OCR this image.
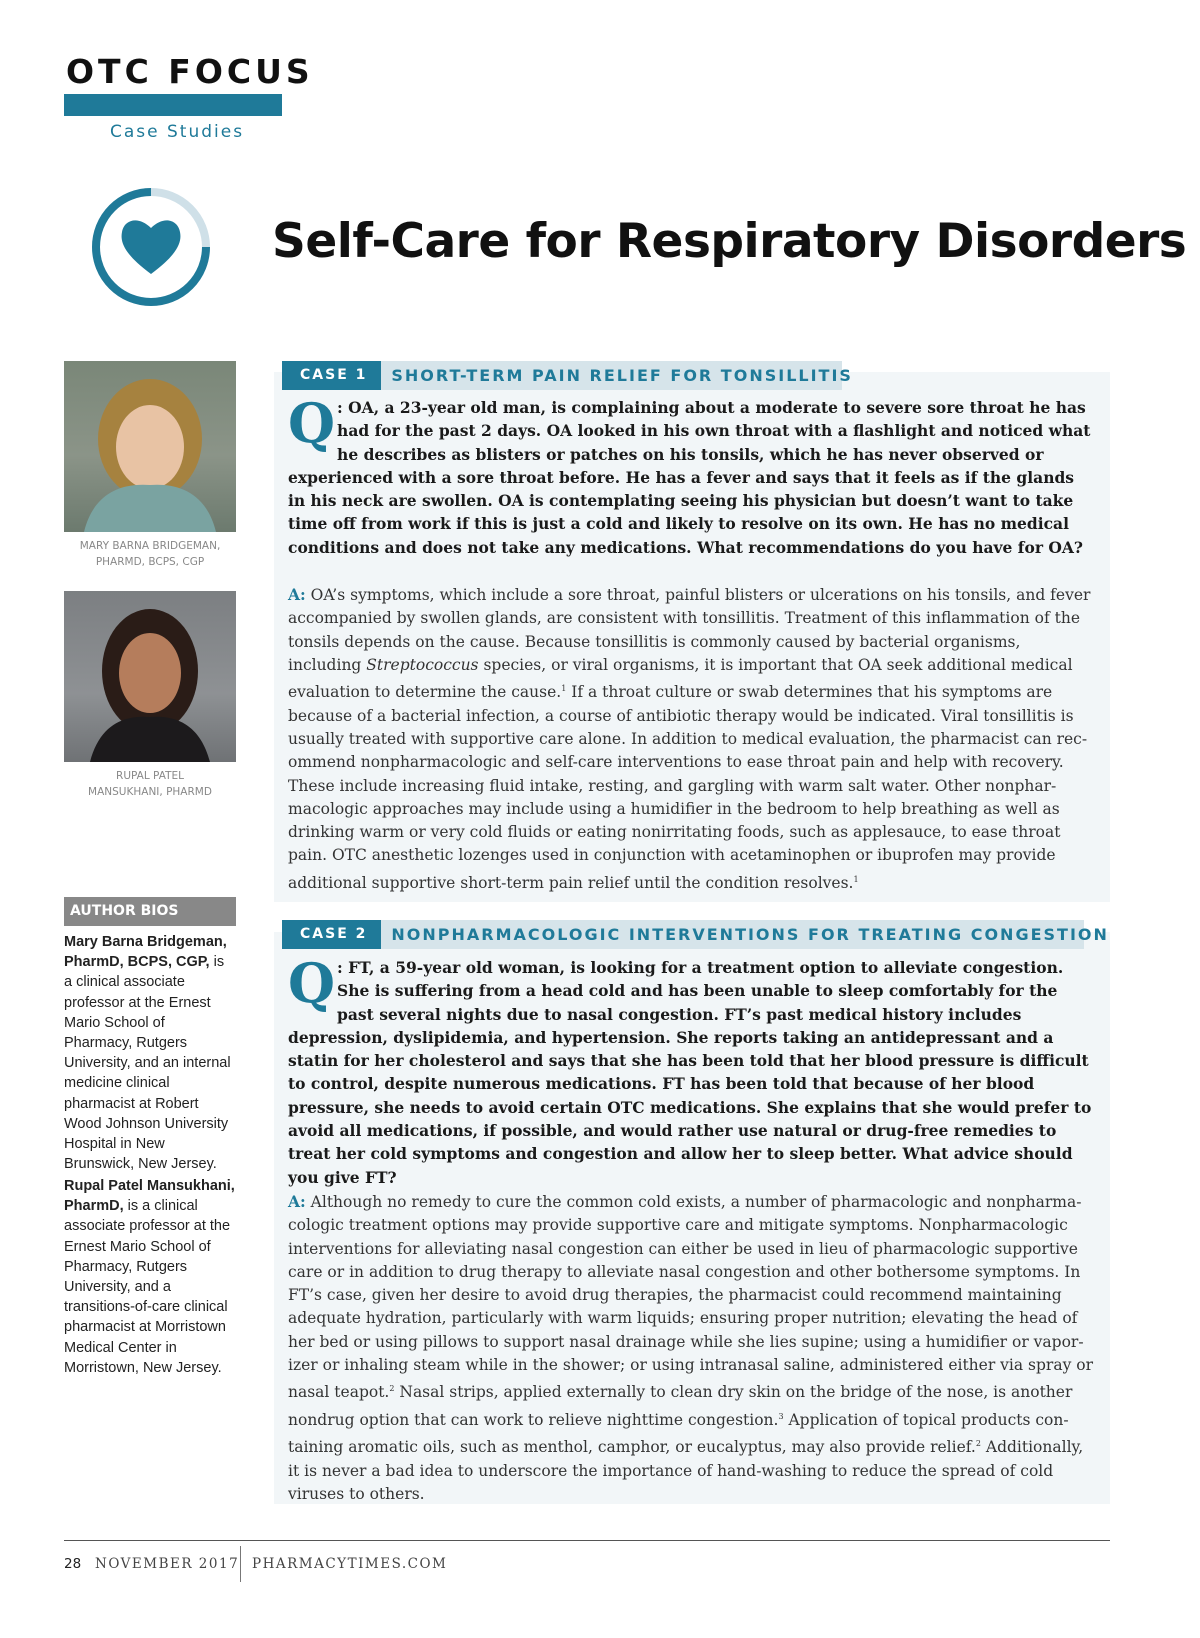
OTC FOCUS
Case Studies
Self-Care for Respiratory Disorders
MARY BARNA BRIDGEMAN,
PHARMD, BCPS, CGP
RUPAL PATEL
MANSUKHANI, PHARMD
AUTHOR BIOS
Mary Barna Bridgeman, PharmD, BCPS, CGP, is a clinical associate professor at the Ernest Mario School of Pharmacy, Rutgers University, and an internal medicine clinical pharmacist at Robert Wood Johnson University Hospital in New Brunswick, New Jersey.
Rupal Patel Mansukhani, PharmD, is a clinical associate professor at the Ernest Mario School of Pharmacy, Rutgers University, and a transitions-of-care clinical pharmacist at Morristown Medical Center in Morristown, New Jersey.
CASE 1 SHORT-TERM PAIN RELIEF FOR TONSILLITIS
Q : OA, a 23-year old man, is complaining about a moderate to severe sore throat he has had for the past 2 days. OA looked in his own throat with a flashlight and noticed what he describes as blisters or patches on his tonsils, which he has never observed or experienced with a sore throat before. He has a fever and says that it feels as if the glands in his neck are swollen. OA is contemplating seeing his physician but doesn’t want to take time off from work if this is just a cold and likely to resolve on its own. He has no medical conditions and does not take any medications. What recommendations do you have for OA?
A: OA’s symptoms, which include a sore throat, painful blisters or ulcerations on his tonsils, and fever accompanied by swollen glands, are consistent with tonsillitis. Treatment of this inflammation of the tonsils depends on the cause. Because tonsillitis is commonly caused by bacterial organisms, including Streptococcus species, or viral organisms, it is important that OA seek additional medical evaluation to determine the cause.$^1$ If a throat culture or swab determines that his symptoms are because of a bacterial infection, a course of antibiotic therapy would be indicated. Viral tonsillitis is usually treated with supportive care alone. In addition to medical evaluation, the pharmacist can recommend nonpharmacologic and self-care interventions to ease throat pain and help with recovery. These include increasing fluid intake, resting, and gargling with warm salt water. Other nonpharmacologic approaches may include using a humidifier in the bedroom to help breathing as well as drinking warm or very cold fluids or eating nonirritating foods, such as applesauce, to ease throat pain. OTC anesthetic lozenges used in conjunction with acetaminophen or ibuprofen may provide additional supportive short-term pain relief until the condition resolves.$^1$
CASE 2 NONPHARMACOLOGIC INTERVENTIONS FOR TREATING CONGESTION
Q : FT, a 59-year old woman, is looking for a treatment option to alleviate congestion. She is suffering from a head cold and has been unable to sleep comfortably for the past several nights due to nasal congestion. FT’s past medical history includes depression, dyslipidemia, and hypertension. She reports taking an antidepressant and a statin for her cholesterol and says that she has been told that her blood pressure is difficult to control, despite numerous medications. FT has been told that because of her blood pressure, she needs to avoid certain OTC medications. She explains that she would prefer to avoid all medications, if possible, and would rather use natural or drug-free remedies to treat her cold symptoms and congestion and allow her to sleep better. What advice should you give FT?
A: Although no remedy to cure the common cold exists, a number of pharmacologic and nonpharmacologic treatment options may provide supportive care and mitigate symptoms. Nonpharmacologic interventions for alleviating nasal congestion can either be used in lieu of pharmacologic supportive care or in addition to drug therapy to alleviate nasal congestion and other bothersome symptoms. In FT’s case, given her desire to avoid drug therapies, the pharmacist could recommend maintaining adequate hydration, particularly with warm liquids; ensuring proper nutrition; elevating the head of her bed or using pillows to support nasal drainage while she lies supine; using a humidifier or vaporizer or inhaling steam while in the shower; or using intranasal saline, administered either via spray or nasal teapot.$^2$ Nasal strips, applied externally to clean dry skin on the bridge of the nose, is another nondrug option that can work to relieve nighttime congestion.$^3$ Application of topical products containing aromatic oils, such as menthol, camphor, or eucalyptus, may also provide relief.$^2$ Additionally, it is never a bad idea to underscore the importance of hand-washing to reduce the spread of cold viruses to others.
28 NOVEMBER 2017 PHARMACYTIMES.COM
